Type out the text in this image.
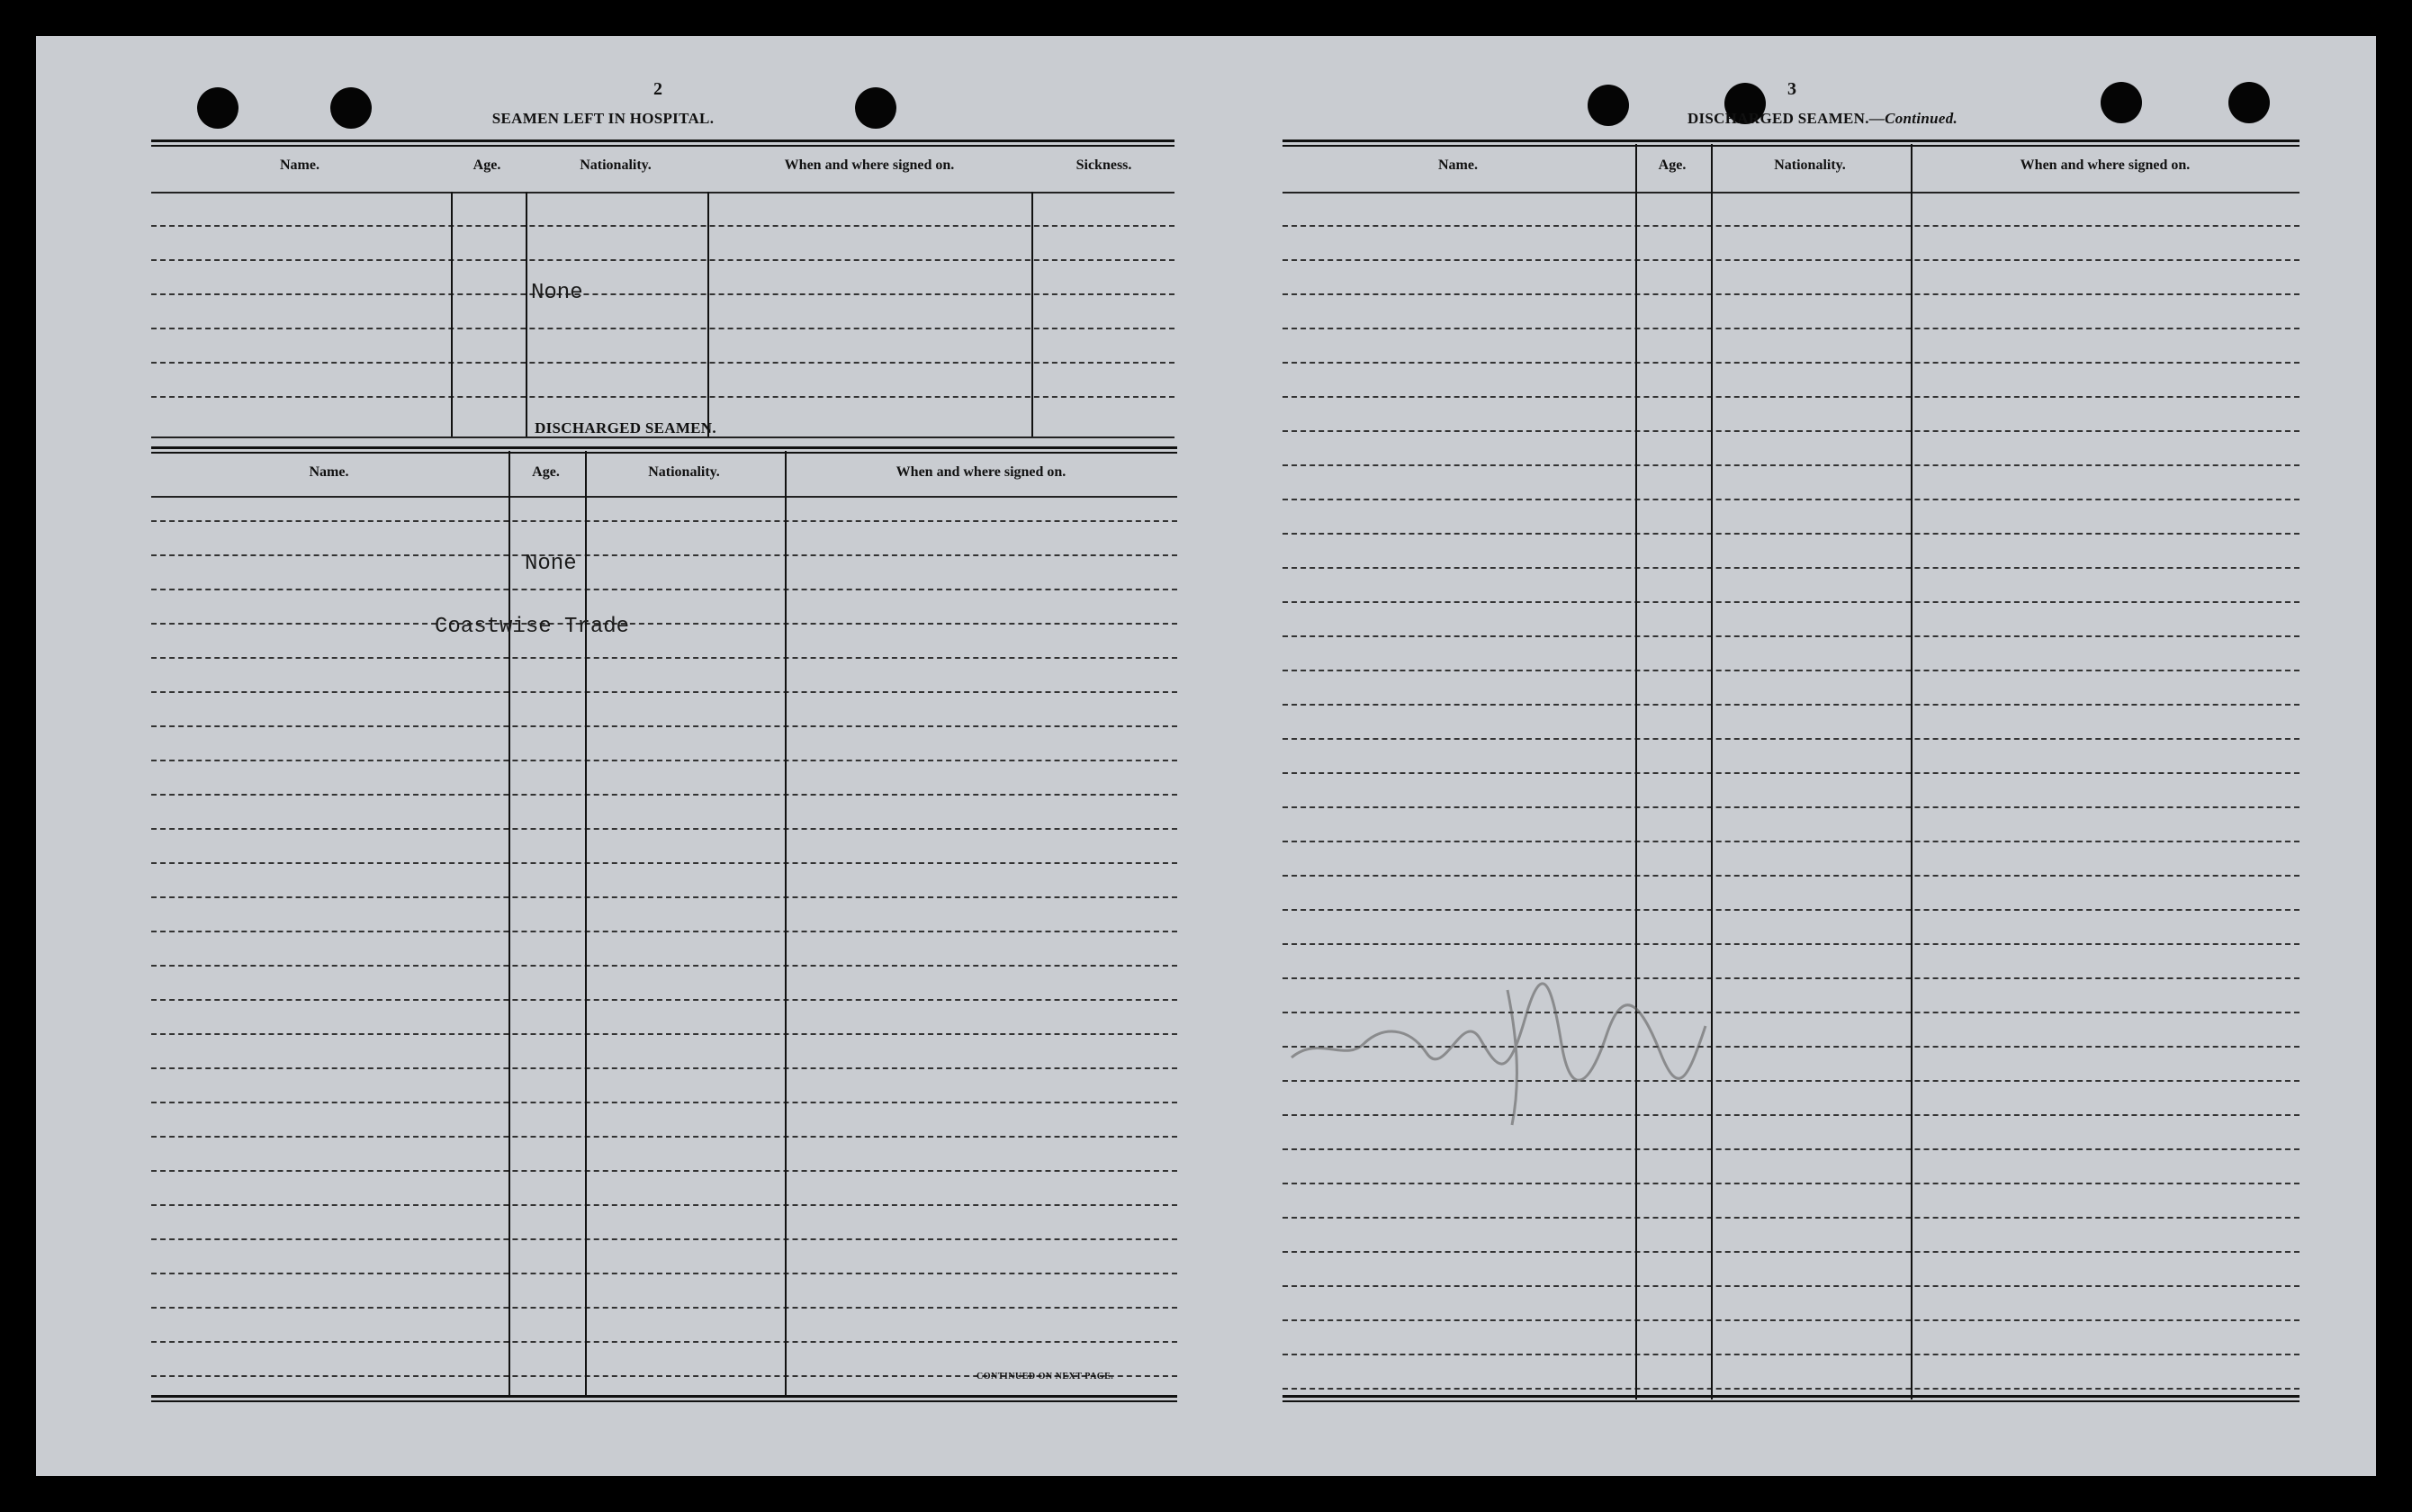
2
SEAMEN LEFT IN HOSPITAL.
Name.	Age.	Nationality.	When and where signed on.	Sickness.
None
DISCHARGED SEAMEN.
Name.	Age.	Nationality.	When and where signed on.
None
Coastwise Trade
CONTINUED ON NEXT PAGE.
3
DISCHARGED SEAMEN.—Continued.
Name.	Age.	Nationality.	When and where signed on.
